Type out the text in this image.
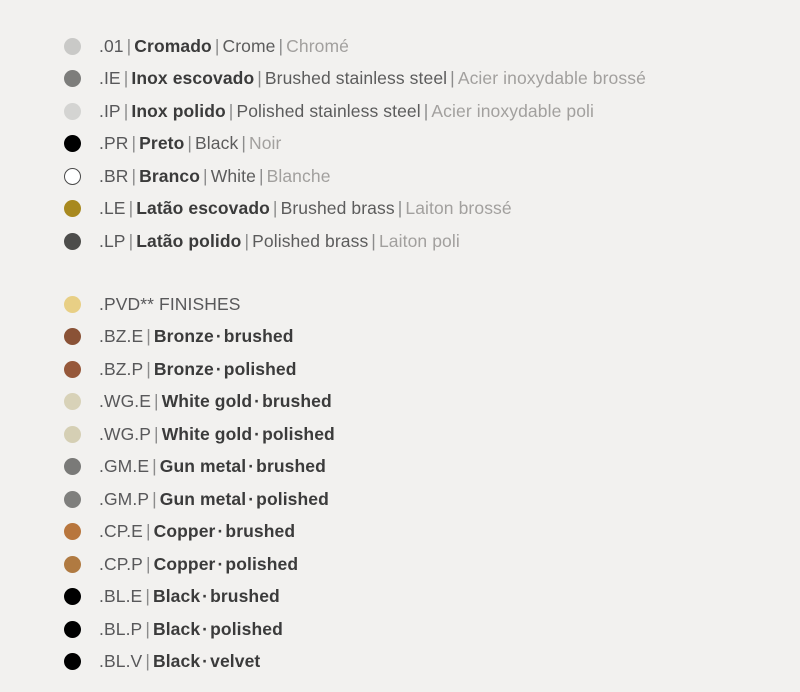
.01 | Cromado | Crome | Chromé
.IE | Inox escovado | Brushed stainless steel | Acier inoxydable brossé
.IP | Inox polido | Polished stainless steel | Acier inoxydable poli
.PR | Preto | Black | Noir
.BR | Branco | White | Blanche
.LE | Latão escovado | Brushed brass | Laiton brossé
.LP | Latão polido | Polished brass | Laiton poli
.PVD** FINISHES
.BZ.E | Bronze · brushed
.BZ.P | Bronze · polished
.WG.E | White gold · brushed
.WG.P | White gold · polished
.GM.E | Gun metal · brushed
.GM.P | Gun metal · polished
.CP.E | Copper · brushed
.CP.P | Copper · polished
.BL.E | Black · brushed
.BL.P | Black · polished
.BL.V | Black · velvet
